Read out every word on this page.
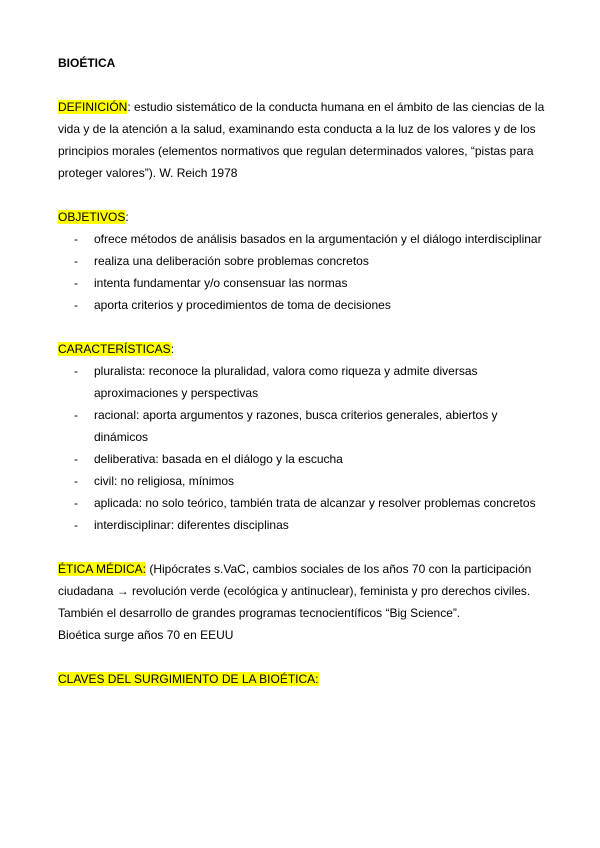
BIOÉTICA

DEFINICIÓN: estudio sistemático de la conducta humana en el ámbito de las ciencias de la vida y de la atención a la salud, examinando esta conducta a la luz de los valores y de los principios morales (elementos normativos que regulan determinados valores, “pistas para proteger valores”). W. Reich 1978

OBJETIVOS:

- ofrece métodos de análisis basados en la argumentación y el diálogo interdisciplinar
- realiza una deliberación sobre problemas concretos
- intenta fundamentar y/o consensuar las normas
- aporta criterios y procedimientos de toma de decisiones

CARACTERÍSTICAS:

- pluralista: reconoce la pluralidad, valora como riqueza y admite diversas aproximaciones y perspectivas
- racional: aporta argumentos y razones, busca criterios generales, abiertos y dinámicos
- deliberativa: basada en el diálogo y la escucha
- civil: no religiosa, mínimos
- aplicada: no solo teórico, también trata de alcanzar y resolver problemas concretos
- interdisciplinar: diferentes disciplinas

ÉTICA MÉDICA: (Hipócrates s.VaC, cambios sociales de los años 70 con la participación ciudadana → revolución verde (ecológica y antinuclear), feminista y pro derechos civiles. También el desarrollo de grandes programas tecnocientíficos “Big Science”.

Bioética surge años 70 en EEUU

CLAVES DEL SURGIMIENTO DE LA BIOÉTICA:
